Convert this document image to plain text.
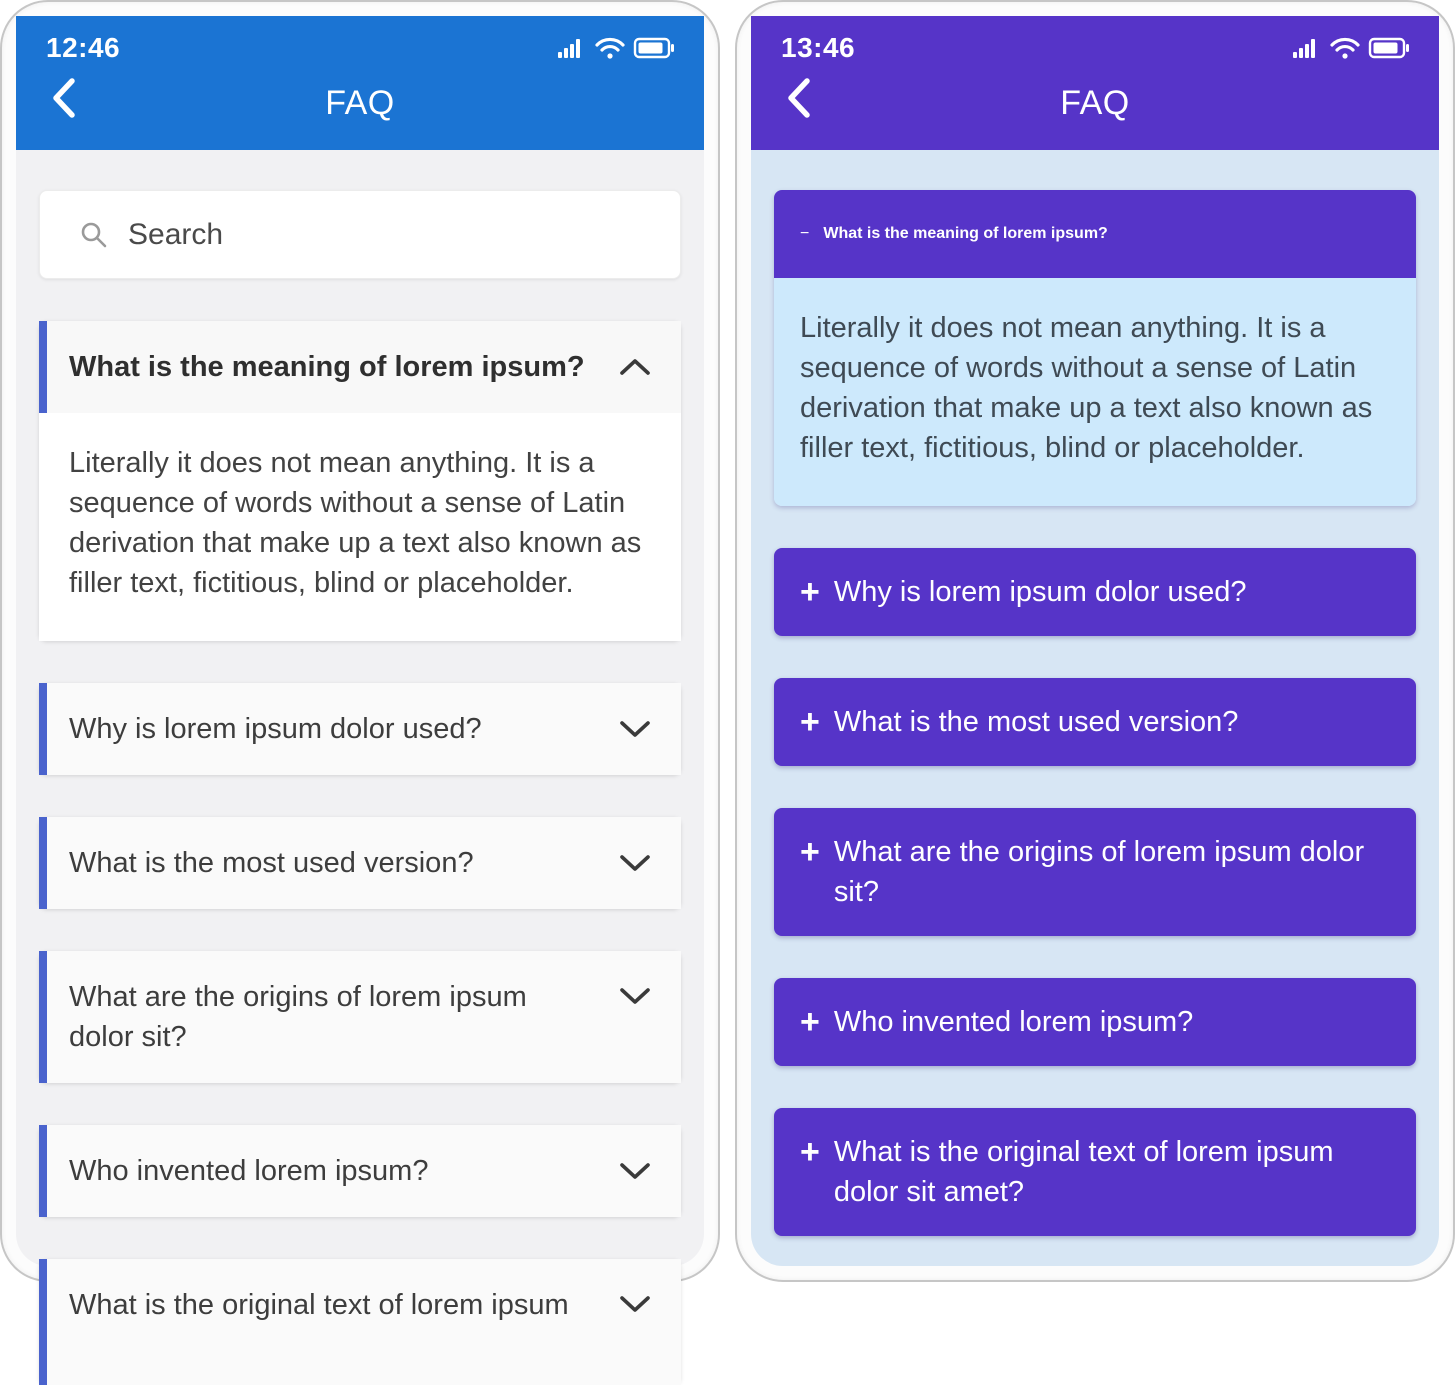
12:46
FAQ
Search
What is the meaning of lorem ipsum?
Literally it does not mean anything. It is a sequence of words without a sense of Latin derivation that make up a text also known as filler text, fictitious, blind or placeholder.
Why is lorem ipsum dolor used?
What is the most used version?
What are the origins of lorem ipsum dolor sit?
Who invented lorem ipsum?
What is the original text of lorem ipsum
13:46
FAQ
− What is the meaning of lorem ipsum?
Literally it does not mean anything. It is a sequence of words without a sense of Latin derivation that make up a text also known as filler text, fictitious, blind or placeholder.
+ Why is lorem ipsum dolor used?
+ What is the most used version?
+ What are the origins of lorem ipsum dolor sit?
+ Who invented lorem ipsum?
+ What is the original text of lorem ipsum dolor sit amet?
